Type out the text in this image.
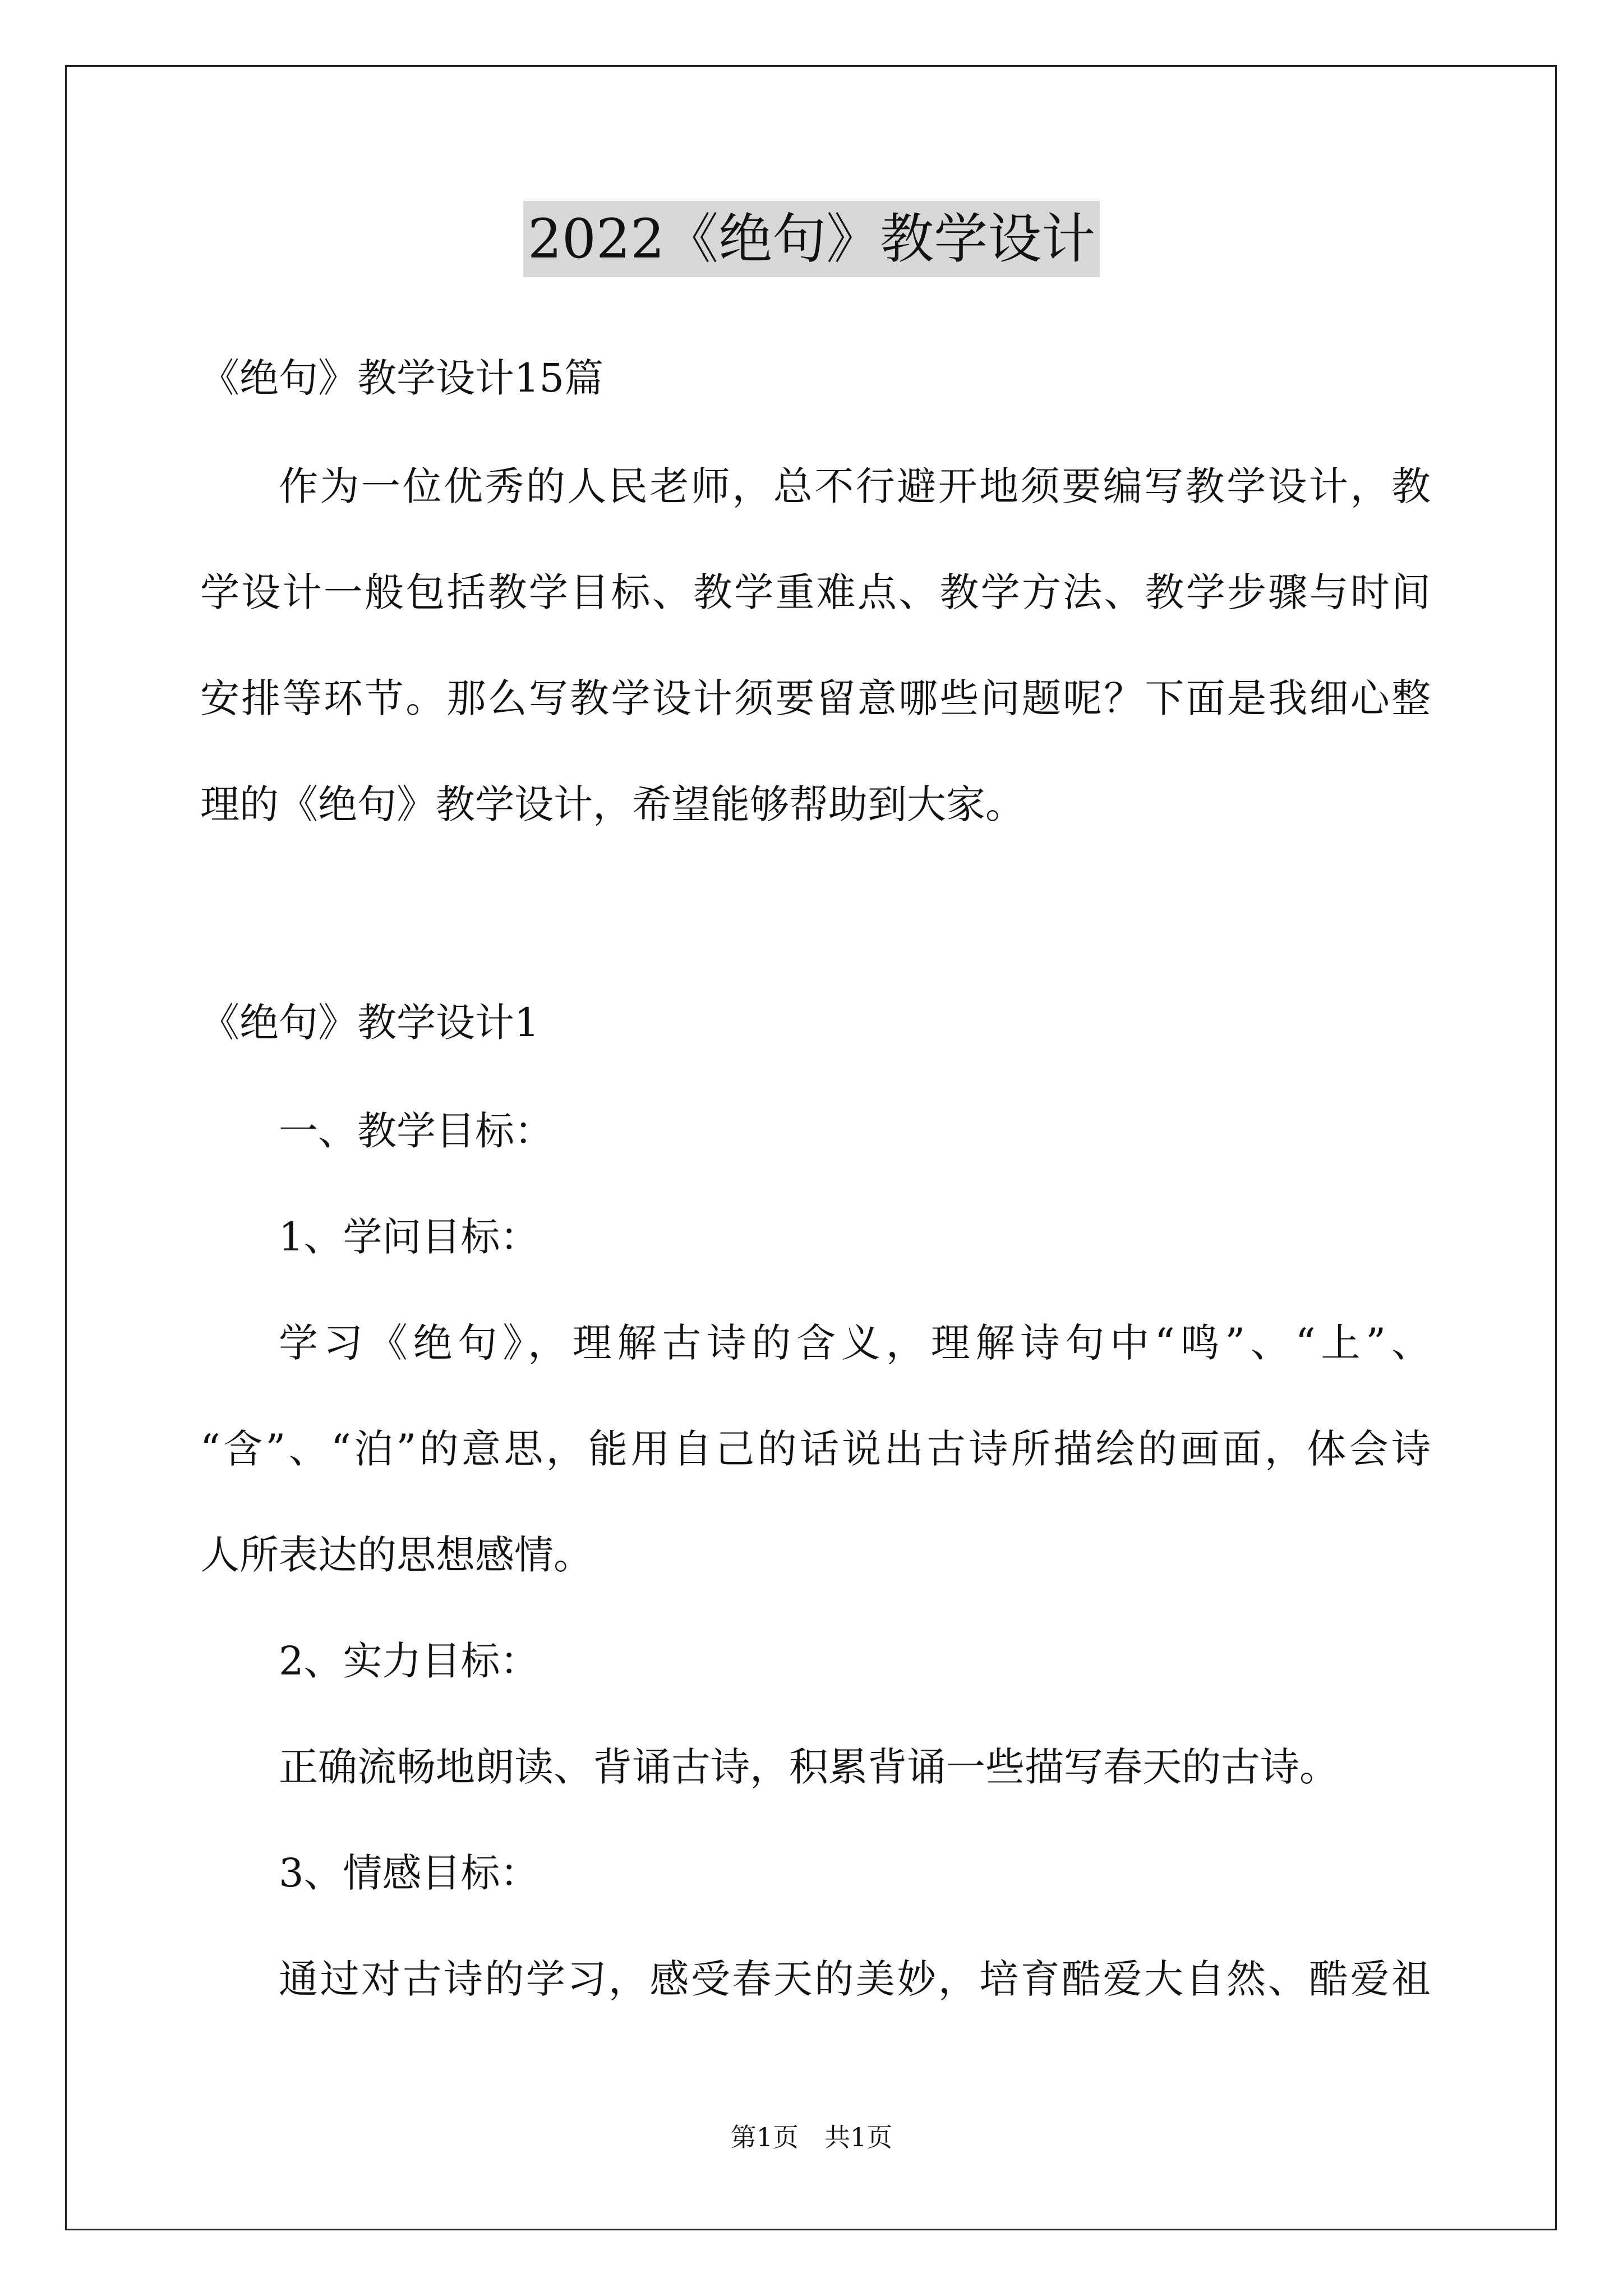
2022《绝句》教学设计
《绝句》教学设计15篇
作为一位优秀的人民老师，总不行避开地须要编写教学设计，教
学设计一般包括教学目标、教学重难点、教学方法、教学步骤与时间
安排等环节。那么写教学设计须要留意哪些问题呢？下面是我细心整
理的《绝句》教学设计，希望能够帮助到大家。
《绝句》教学设计1
一、教学目标：
1、学问目标：
学习《绝句》，理解古诗的含义，理解诗句中“鸣”、“上”、
“含”、“泊”的意思，能用自己的话说出古诗所描绘的画面，体会诗
人所表达的思想感情。
2、实力目标：
正确流畅地朗读、背诵古诗，积累背诵一些描写春天的古诗。
3、情感目标：
通过对古诗的学习，感受春天的美妙，培育酷爱大自然、酷爱祖
第1页　共1页
